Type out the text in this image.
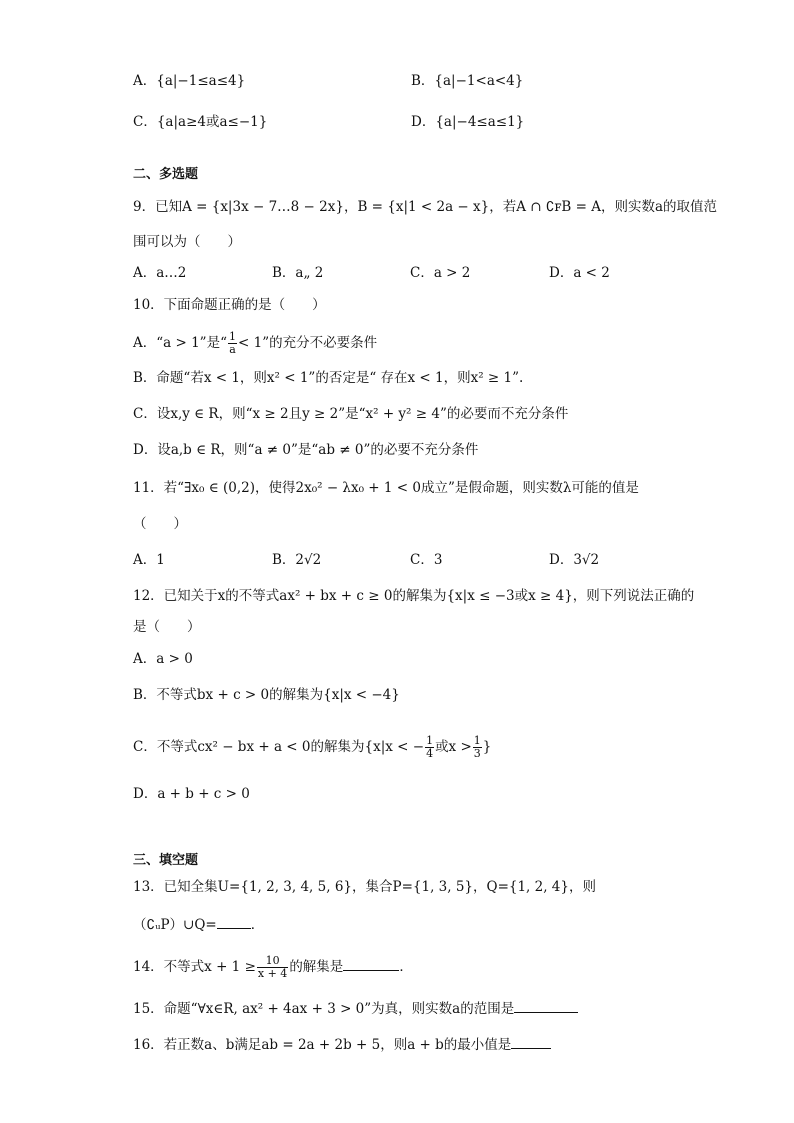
A．{a|−1≤a≤4}	B．{a|−1<a<4}
C．{a|a≥4或a≤−1}	D．{a|−4≤a≤1}
二、多选题
9．已知A = {x|3x − 7…8 − 2x}，B = {x|1 < 2a − x}，若A ∩ ∁ꜰB = A，则实数a的取值范
围可以为（　　）
A．a…2	B．a„ 2	C．a > 2	D．a < 2
10．下面命题正确的是（　　）
A．“a > 1”是“ $\frac{1}{a} < 1$”的充分不必要条件
B．命题“若x < 1，则x² < 1”的否定是“ 存在x < 1，则x² ≥ 1”.
C．设x,y ∈ R，则“x ≥ 2且y ≥ 2”是“x² + y² ≥ 4”的必要而不充分条件
D．设a,b ∈ R，则“a ≠ 0”是“ab ≠ 0”的必要不充分条件
11．若“∃x₀ ∈ (0,2)，使得2x₀² − λx₀ + 1 < 0成立”是假命题，则实数λ可能的值是
（　　）
A．1	B．2√2	C．3	D．3√2
12．已知关于x的不等式ax² + bx + c ≥ 0的解集为{x|x ≤ −3或x ≥ 4}，则下列说法正确的
是（　　）
A．a > 0
B．不等式bx + c > 0的解集为{x|x < −4}
C．不等式cx² − bx + a < 0的解集为{x|x < − $\frac{1}{4}$ 或$x > \frac{1}{3}$ }
D．a + b + c > 0
三、填空题
13．已知全集U={1, 2, 3, 4, 5, 6}，集合P={1, 3, 5}，Q={1, 2, 4}，则
（∁ᵤP）∪Q=	．
14．不等式$x + 1 \ge \frac{10}{x + 4}$ 的解集是	．
15．命题“∀x∈R, ax² + 4ax + 3 > 0”为真，则实数a的范围是
16．若正数a、b满足ab = 2a + 2b + 5，则a + b的最小值是
